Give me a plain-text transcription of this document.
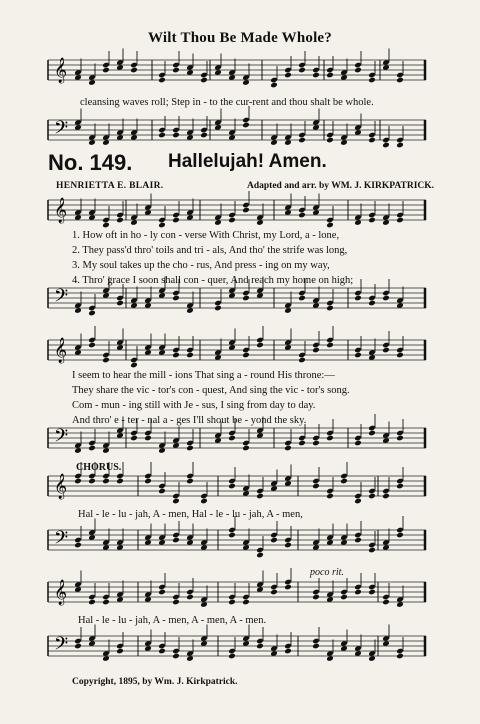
Wilt Thou Be Made Whole?
𝄞
𝄢
cleansing waves roll; Step in - to the cur-rent and thou shalt be whole.
No. 149. Hallelujah! Amen.
HENRIETTA E. BLAIR.	Adapted and arr. by WM. J. KIRKPATRICK.
𝄞
𝄢
1. How oft in ho - ly con - verse With Christ, my Lord, a - lone,
2. They pass'd thro' toils and tri - als, And tho' the strife was long,
3. My soul takes up the cho - rus, And press - ing on my way,
4. Thro' grace I soon shall con - quer, And reach my home on high;
𝄞
𝄢
I seem to hear the mill - ions That sing a - round His throne:—
They share the vic - tor's con - quest, And sing the vic - tor's song.
Com - mun - ing still with Je - sus, I sing from day to day.
And thro' e - ter - nal a - ges I'll shout be - yond the sky.
CHORUS.
𝄞
𝄢
Hal - le - lu - jah, A - men, Hal - le - lu - jah, A - men,
poco rit.
𝄞
𝄢
Hal - le - lu - jah, A - men, A - men, A - men.
Copyright, 1895, by Wm. J. Kirkpatrick.
